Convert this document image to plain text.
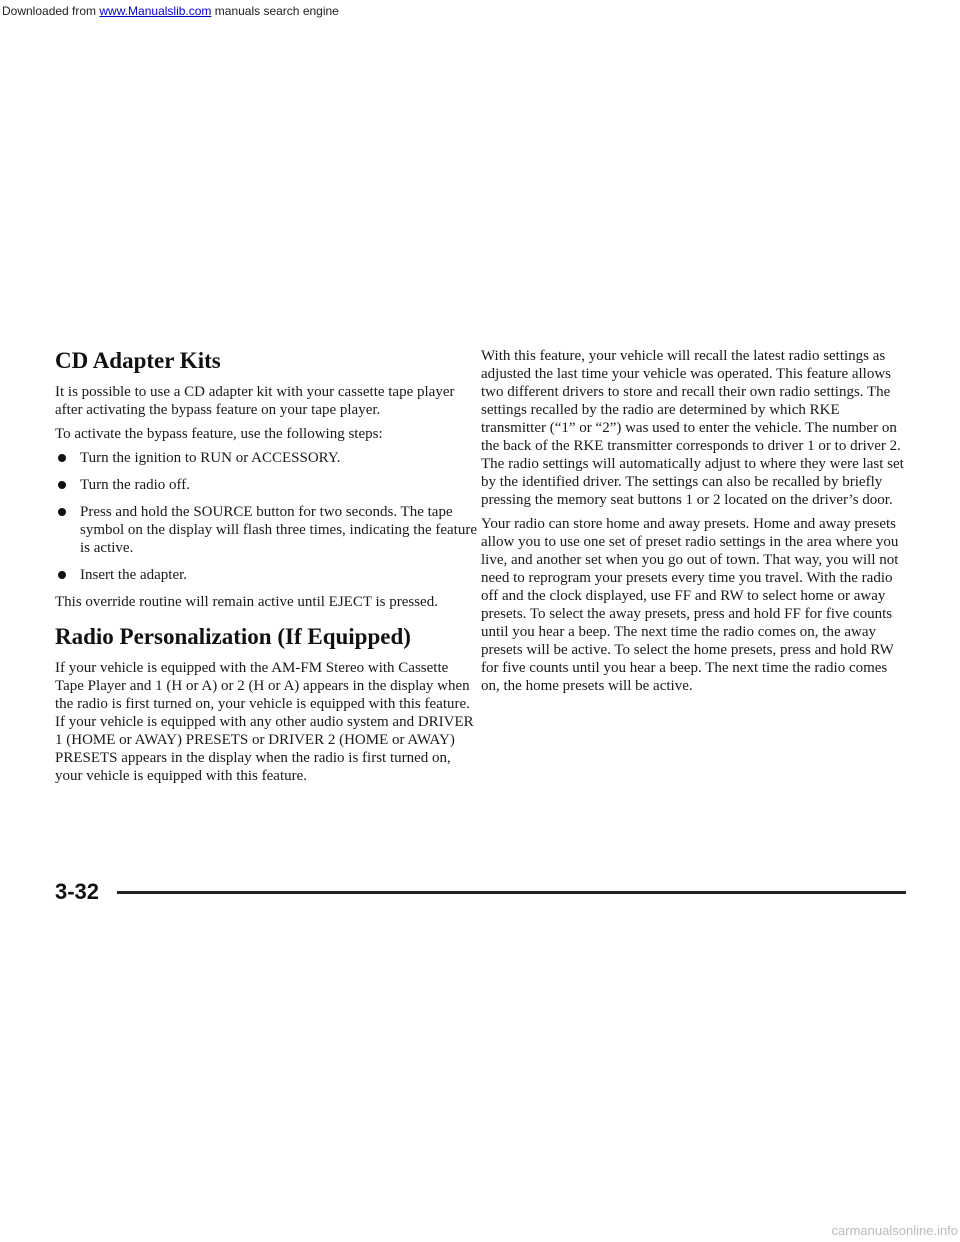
Downloaded from www.Manualslib.com manuals search engine
CD Adapter Kits

It is possible to use a CD adapter kit with your cassette tape player after activating the bypass feature on your tape player.

To activate the bypass feature, use the following steps:

Turn the ignition to RUN or ACCESSORY.
Turn the radio off.
Press and hold the SOURCE button for two seconds. The tape symbol on the display will flash three times, indicating the feature is active.
Insert the adapter.

This override routine will remain active until EJECT is pressed.

Radio Personalization (If Equipped)

If your vehicle is equipped with the AM-FM Stereo with Cassette Tape Player and 1 (H or A) or 2 (H or A) appears in the display when the radio is first turned on, your vehicle is equipped with this feature. If your vehicle is equipped with any other audio system and DRIVER 1 (HOME or AWAY) PRESETS or DRIVER 2 (HOME or AWAY) PRESETS appears in the display when the radio is first turned on, your vehicle is equipped with this feature.

With this feature, your vehicle will recall the latest radio settings as adjusted the last time your vehicle was operated. This feature allows two different drivers to store and recall their own radio settings. The settings recalled by the radio are determined by which RKE transmitter (“1” or “2”) was used to enter the vehicle. The number on the back of the RKE transmitter corresponds to driver 1 or to driver 2. The radio settings will automatically adjust to where they were last set by the identified driver. The settings can also be recalled by briefly pressing the memory seat buttons 1 or 2 located on the driver’s door.

Your radio can store home and away presets. Home and away presets allow you to use one set of preset radio settings in the area where you live, and another set when you go out of town. That way, you will not need to reprogram your presets every time you travel. With the radio off and the clock displayed, use FF and RW to select home or away presets. To select the away presets, press and hold FF for five counts until you hear a beep. The next time the radio comes on, the away presets will be active. To select the home presets, press and hold RW for five counts until you hear a beep. The next time the radio comes on, the home presets will be active.

3-32
carmanualsonline.info
